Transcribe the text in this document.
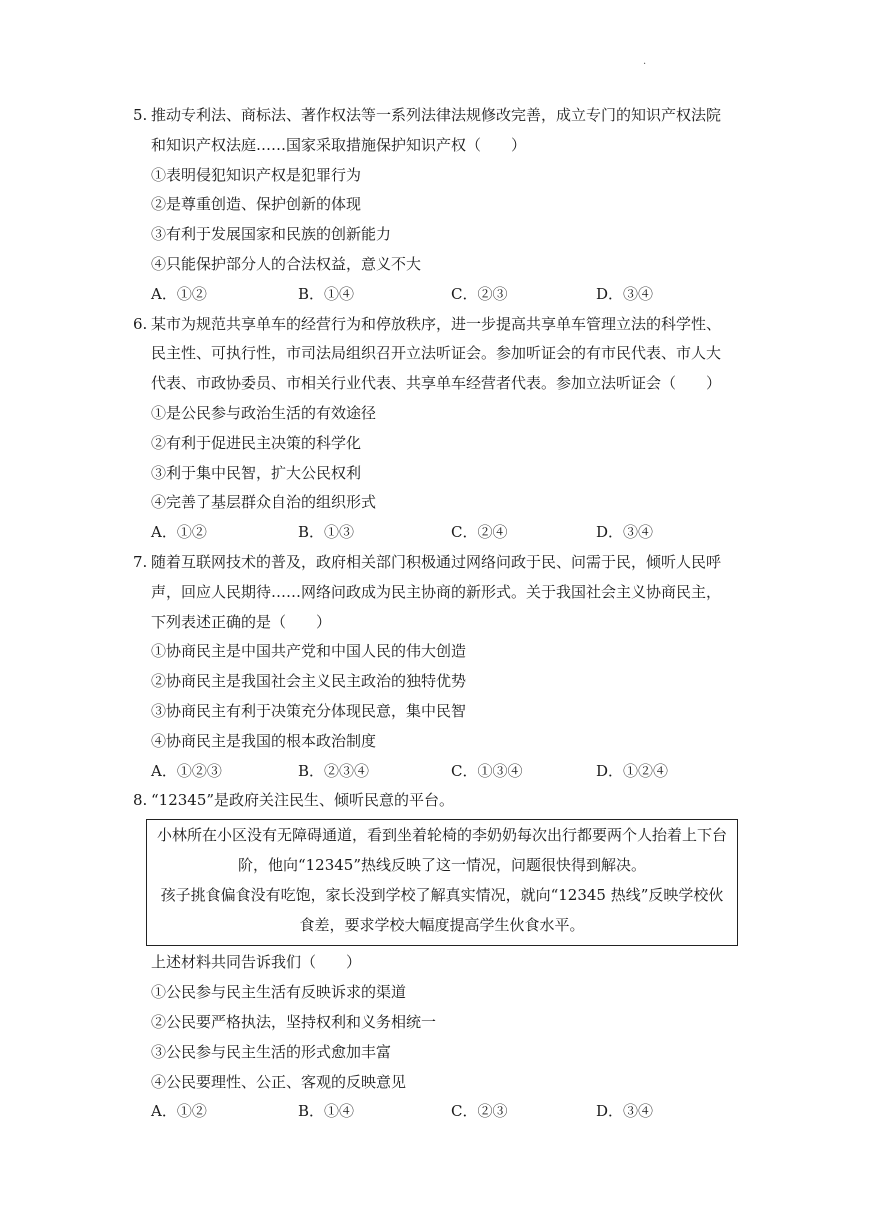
.
5. 推动专利法、商标法、著作权法等一系列法律法规修改完善，成立专门的知识产权法院
和知识产权法庭……国家采取措施保护知识产权（　　）
①表明侵犯知识产权是犯罪行为
②是尊重创造、保护创新的体现
③有利于发展国家和民族的创新能力
④只能保护部分人的合法权益，意义不大
A．①②	B．①④	C．②③	D．③④
6. 某市为规范共享单车的经营行为和停放秩序，进一步提高共享单车管理立法的科学性、
民主性、可执行性，市司法局组织召开立法听证会。参加听证会的有市民代表、市人大
代表、市政协委员、市相关行业代表、共享单车经营者代表。参加立法听证会（　　）
①是公民参与政治生活的有效途径
②有利于促进民主决策的科学化
③利于集中民智，扩大公民权利
④完善了基层群众自治的组织形式
A．①②	B．①③	C．②④	D．③④
7. 随着互联网技术的普及，政府相关部门积极通过网络问政于民、问需于民，倾听人民呼
声，回应人民期待……网络问政成为民主协商的新形式。关于我国社会主义协商民主，
下列表述正确的是（　　）
①协商民主是中国共产党和中国人民的伟大创造
②协商民主是我国社会主义民主政治的独特优势
③协商民主有利于决策充分体现民意，集中民智
④协商民主是我国的根本政治制度
A．①②③	B．②③④	C．①③④	D．①②④
8. “12345”是政府关注民生、倾听民意的平台。
小林所在小区没有无障碍通道，看到坐着轮椅的李奶奶每次出行都要两个人抬着上下台
阶，他向“12345”热线反映了这一情况，问题很快得到解决。
孩子挑食偏食没有吃饱，家长没到学校了解真实情况，就向“12345 热线”反映学校伙
食差，要求学校大幅度提高学生伙食水平。
上述材料共同告诉我们（　　）
①公民参与民主生活有反映诉求的渠道
②公民要严格执法，坚持权利和义务相统一
③公民参与民主生活的形式愈加丰富
④公民要理性、公正、客观的反映意见
A．①②	B．①④	C．②③	D．③④
